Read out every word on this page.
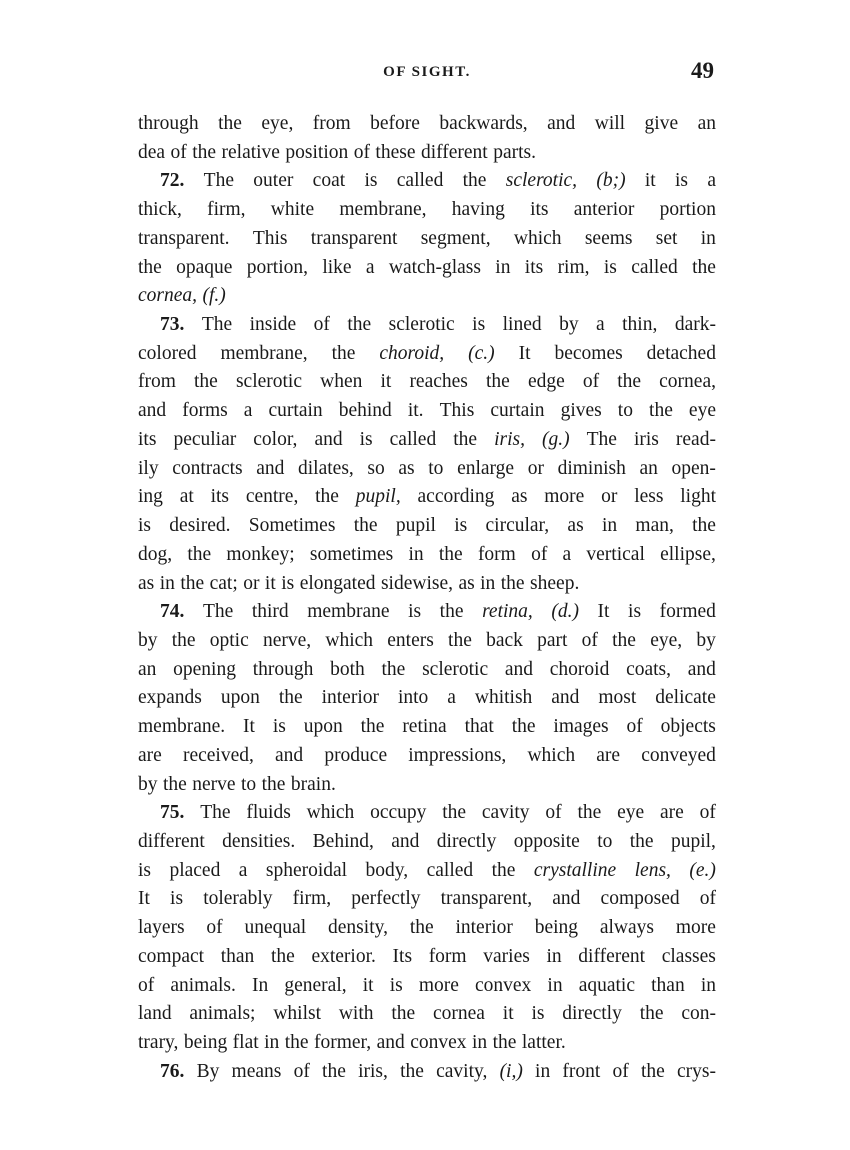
OF SIGHT.	49
through the eye, from before backwards, and will give an
dea of the relative position of these different parts.
72. The outer coat is called the sclerotic, (b;) it is a
thick, firm, white membrane, having its anterior portion
transparent. This transparent segment, which seems set in
the opaque portion, like a watch-glass in its rim, is called the
cornea, (f.)
73. The inside of the sclerotic is lined by a thin, dark-
colored membrane, the choroid, (c.) It becomes detached
from the sclerotic when it reaches the edge of the cornea,
and forms a curtain behind it. This curtain gives to the eye
its peculiar color, and is called the iris, (g.) The iris read-
ily contracts and dilates, so as to enlarge or diminish an open-
ing at its centre, the pupil, according as more or less light
is desired. Sometimes the pupil is circular, as in man, the
dog, the monkey; sometimes in the form of a vertical ellipse,
as in the cat; or it is elongated sidewise, as in the sheep.
74. The third membrane is the retina, (d.) It is formed
by the optic nerve, which enters the back part of the eye, by
an opening through both the sclerotic and choroid coats, and
expands upon the interior into a whitish and most delicate
membrane. It is upon the retina that the images of objects
are received, and produce impressions, which are conveyed
by the nerve to the brain.
75. The fluids which occupy the cavity of the eye are of
different densities. Behind, and directly opposite to the pupil,
is placed a spheroidal body, called the crystalline lens, (e.)
It is tolerably firm, perfectly transparent, and composed of
layers of unequal density, the interior being always more
compact than the exterior. Its form varies in different classes
of animals. In general, it is more convex in aquatic than in
land animals; whilst with the cornea it is directly the con-
trary, being flat in the former, and convex in the latter.
76. By means of the iris, the cavity, (i,) in front of the crys-
